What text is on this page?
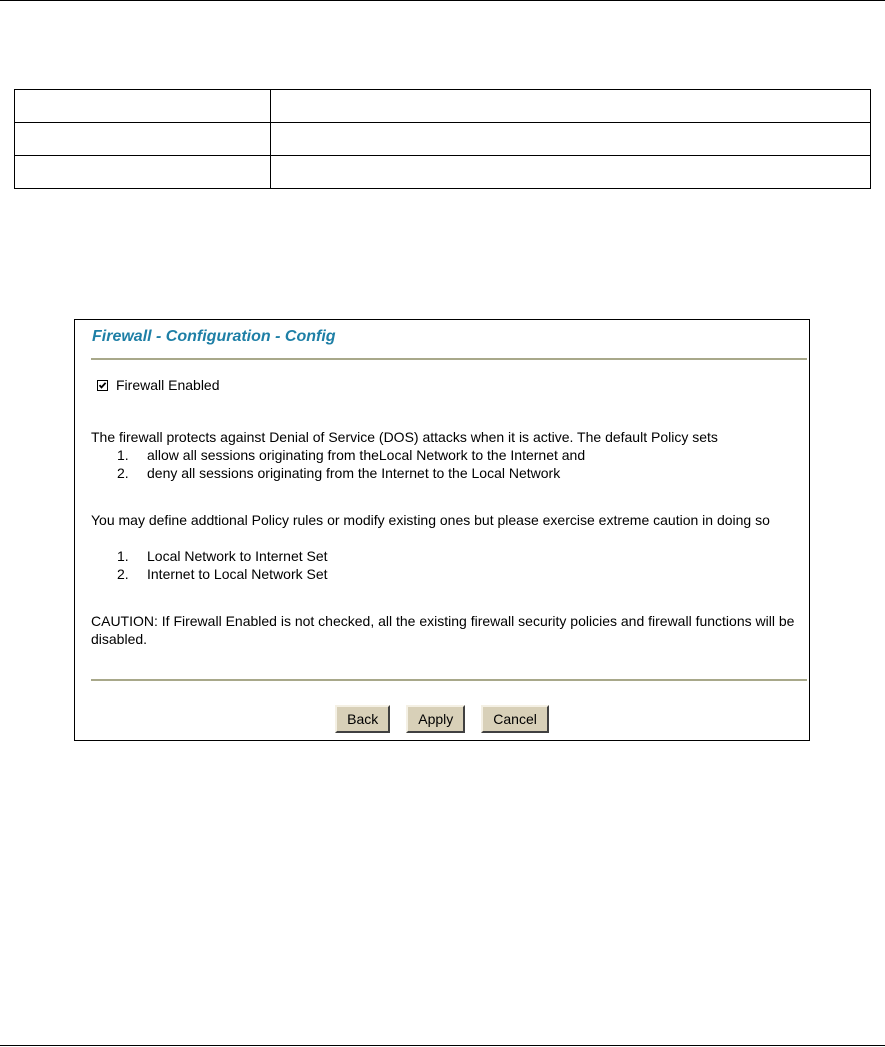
Firewall - Configuration - Config
Firewall Enabled
The firewall protects against Denial of Service (DOS) attacks when it is active. The default Policy sets
1.	allow all sessions originating from theLocal Network to the Internet and
2.	deny all sessions originating from the Internet to the Local Network
You may define addtional Policy rules or modify existing ones but please exercise extreme caution in doing so
1.	Local Network to Internet Set
2.	Internet to Local Network Set
CAUTION: If Firewall Enabled is not checked, all the existing firewall security policies and firewall functions will be disabled.
Back	Apply	Cancel
